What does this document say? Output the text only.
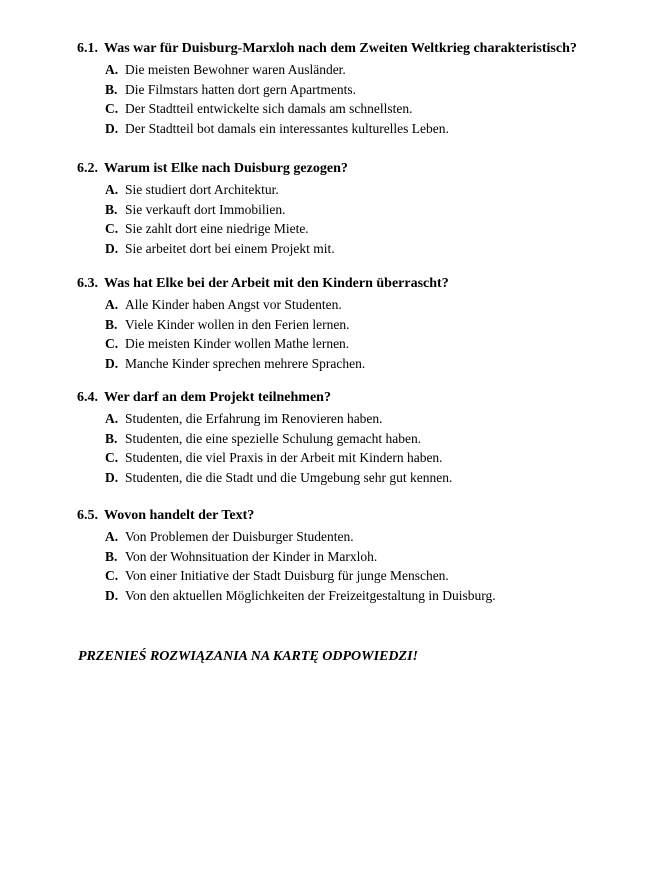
6.1. Was war für Duisburg-Marxloh nach dem Zweiten Weltkrieg charakteristisch?
A. Die meisten Bewohner waren Ausländer.
B. Die Filmstars hatten dort gern Apartments.
C. Der Stadtteil entwickelte sich damals am schnellsten.
D. Der Stadtteil bot damals ein interessantes kulturelles Leben.
6.2. Warum ist Elke nach Duisburg gezogen?
A. Sie studiert dort Architektur.
B. Sie verkauft dort Immobilien.
C. Sie zahlt dort eine niedrige Miete.
D. Sie arbeitet dort bei einem Projekt mit.
6.3. Was hat Elke bei der Arbeit mit den Kindern überrascht?
A. Alle Kinder haben Angst vor Studenten.
B. Viele Kinder wollen in den Ferien lernen.
C. Die meisten Kinder wollen Mathe lernen.
D. Manche Kinder sprechen mehrere Sprachen.
6.4. Wer darf an dem Projekt teilnehmen?
A. Studenten, die Erfahrung im Renovieren haben.
B. Studenten, die eine spezielle Schulung gemacht haben.
C. Studenten, die viel Praxis in der Arbeit mit Kindern haben.
D. Studenten, die die Stadt und die Umgebung sehr gut kennen.
6.5. Wovon handelt der Text?
A. Von Problemen der Duisburger Studenten.
B. Von der Wohnsituation der Kinder in Marxloh.
C. Von einer Initiative der Stadt Duisburg für junge Menschen.
D. Von den aktuellen Möglichkeiten der Freizeitgestaltung in Duisburg.
PRZENIEŚ ROZWIĄZANIA NA KARTĘ ODPOWIEDZI!
